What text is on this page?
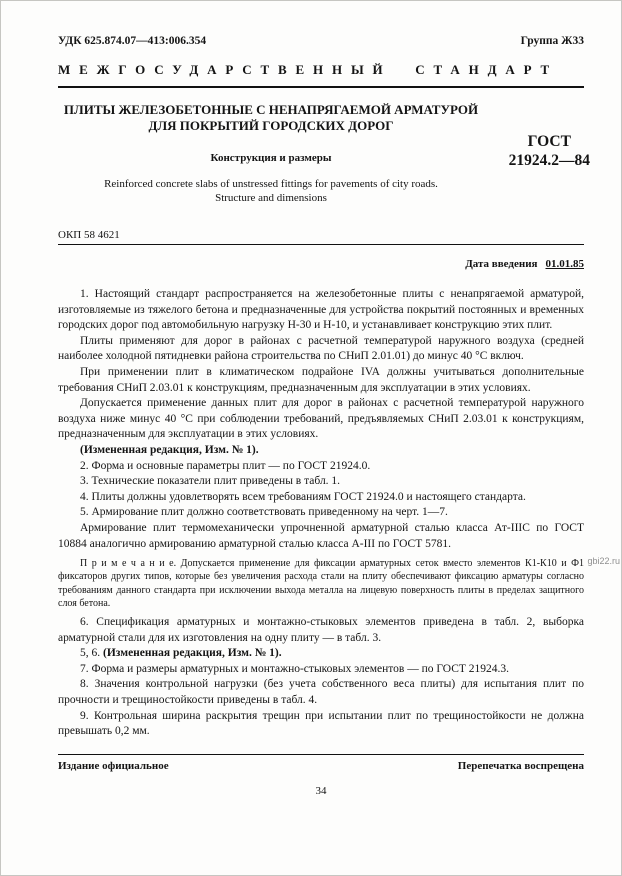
УДК 625.874.07—413:006.354	Группа Ж33
МЕЖГОСУДАРСТВЕННЫЙ СТАНДАРТ
ПЛИТЫ ЖЕЛЕЗОБЕТОННЫЕ С НЕНАПРЯГАЕМОЙ АРМАТУРОЙ
ДЛЯ ПОКРЫТИЙ ГОРОДСКИХ ДОРОГ
Конструкция и размеры
Reinforced concrete slabs of unstressed fittings for pavements of city roads.
Structure and dimensions
ГОСТ
21924.2—84
ОКП 58 4621
Дата введения 01.01.85

1. Настоящий стандарт распространяется на железобетонные плиты с ненапрягаемой арматурой, изготовляемые из тяжелого бетона и предназначенные для устройства покрытий постоянных и временных городских дорог под автомобильную нагрузку Н-30 и Н-10, и устанавливает конструкцию этих плит.

Плиты применяют для дорог в районах с расчетной температурой наружного воздуха (средней наиболее холодной пятидневки района строительства по СНиП 2.01.01) до минус 40 °С включ.

При применении плит в климатическом подрайоне IVA должны учитываться дополнительные требования СНиП 2.03.01 к конструкциям, предназначенным для эксплуатации в этих условиях.

Допускается применение данных плит для дорог в районах с расчетной температурой наружного воздуха ниже минус 40 °С при соблюдении требований, предъявляемых СНиП 2.03.01 к конструкциям, предназначенным для эксплуатации в этих условиях.

(Измененная редакция, Изм. № 1).

2. Форма и основные параметры плит — по ГОСТ 21924.0.

3. Технические показатели плит приведены в табл. 1.

4. Плиты должны удовлетворять всем требованиям ГОСТ 21924.0 и настоящего стандарта.

5. Армирование плит должно соответствовать приведенному на черт. 1—7.

Армирование плит термомеханически упрочненной арматурной сталью класса Ат-IIIС по ГОСТ 10884 аналогично армированию арматурной сталью класса А-III по ГОСТ 5781.

П р и м е ч а н и е. Допускается применение для фиксации арматурных сеток вместо элементов К1-К10 и Ф1 фиксаторов других типов, которые без увеличения расхода стали на плиту обеспечивают фиксацию арматуры согласно требованиям данного стандарта при исключении выхода металла на лицевую поверхность плиты в пределах защитного слоя бетона.

6. Спецификация арматурных и монтажно-стыковых элементов приведена в табл. 2, выборка арматурной стали для их изготовления на одну плиту — в табл. 3.

5, 6. (Измененная редакция, Изм. № 1).

7. Форма и размеры арматурных и монтажно-стыковых элементов — по ГОСТ 21924.3.

8. Значения контрольной нагрузки (без учета собственного веса плиты) для испытания плит по прочности и трещиностойкости приведены в табл. 4.

9. Контрольная ширина раскрытия трещин при испытании плит по трещиностойкости не должна превышать 0,2 мм.

Издание официальное	Перепечатка воспрещена
34
gbi22.ru
